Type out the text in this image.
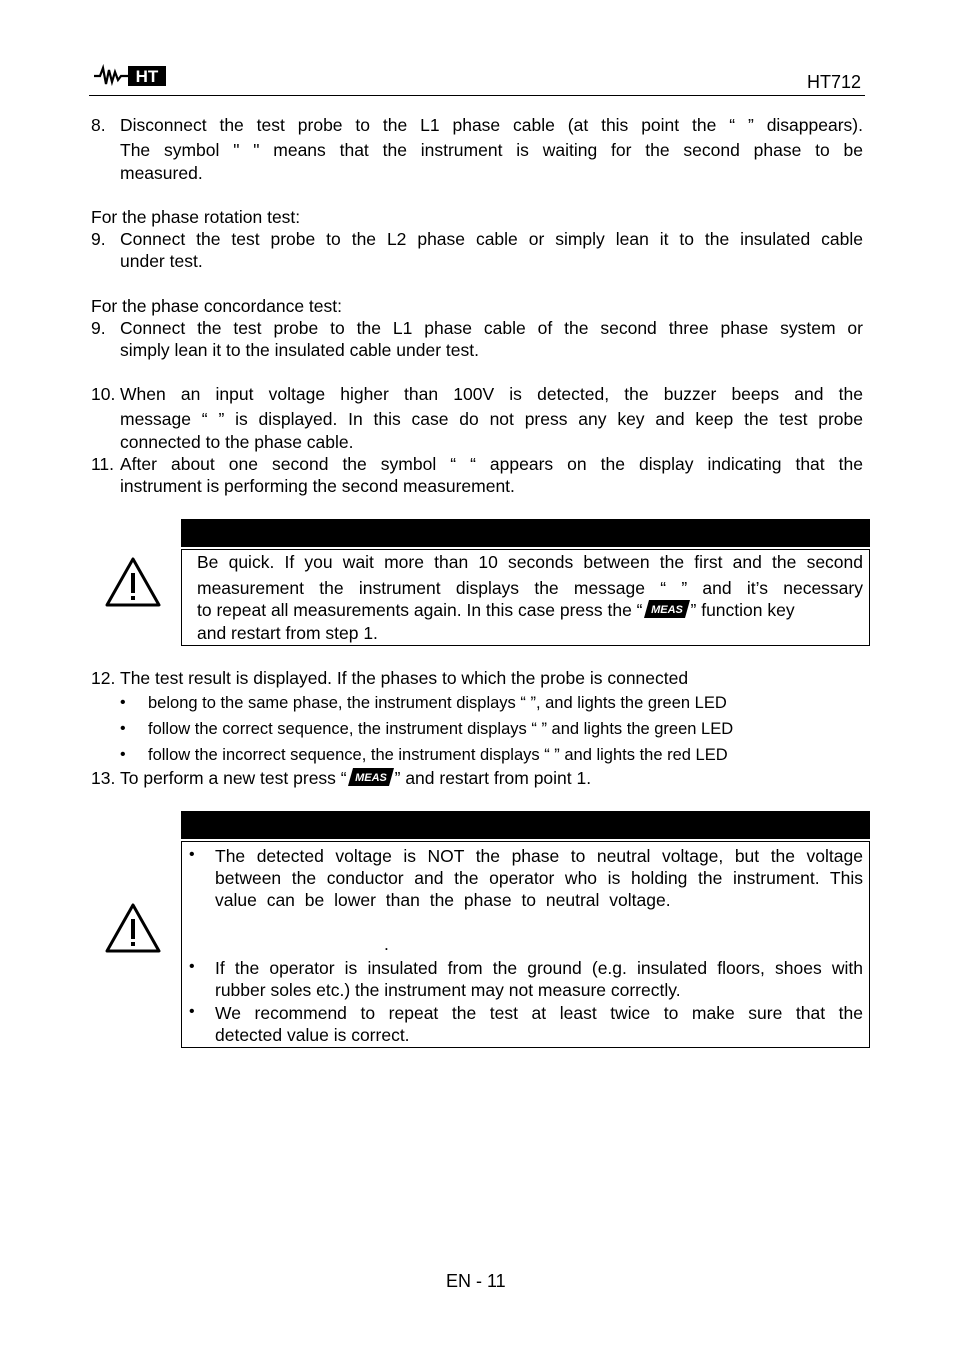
HT	HT712
8. Disconnect the test probe to the L1 phase cable (at this point the “ ” disappears).
The symbol " " means that the instrument is waiting for the second phase to be
measured.
For the phase rotation test:
9. Connect the test probe to the L2 phase cable or simply lean it to the insulated cable
under test.
For the phase concordance test:
9. Connect the test probe to the L1 phase cable of the second three phase system or
simply lean it to the insulated cable under test.
10. When an input voltage higher than 100V is detected, the buzzer beeps and the
message “ ” is displayed. In this case do not press any key and keep the test probe
connected to the phase cable.
11. After about one second the symbol “ “ appears on the display indicating that the
instrument is performing the second measurement.
Be quick. If you wait more than 10 seconds between the first and the second
measurement the instrument displays the message “ ” and it’s necessary
to repeat all measurements again. In this case press the “ MEAS ” function key
and restart from step 1.
12. The test result is displayed. If the phases to which the probe is connected
• belong to the same phase, the instrument displays “ ”, and lights the green LED
• follow the correct sequence, the instrument displays “ ” and lights the green LED
• follow the incorrect sequence, the instrument displays “ ” and lights the red LED
13. To perform a new test press “ MEAS ” and restart from point 1.
• The detected voltage is NOT the phase to neutral voltage, but the voltage
between the conductor and the operator who is holding the instrument. This
value can be lower than the phase to neutral voltage.
.
• If the operator is insulated from the ground (e.g. insulated floors, shoes with
rubber soles etc.) the instrument may not measure correctly.
• We recommend to repeat the test at least twice to make sure that the
detected value is correct.
EN - 11
